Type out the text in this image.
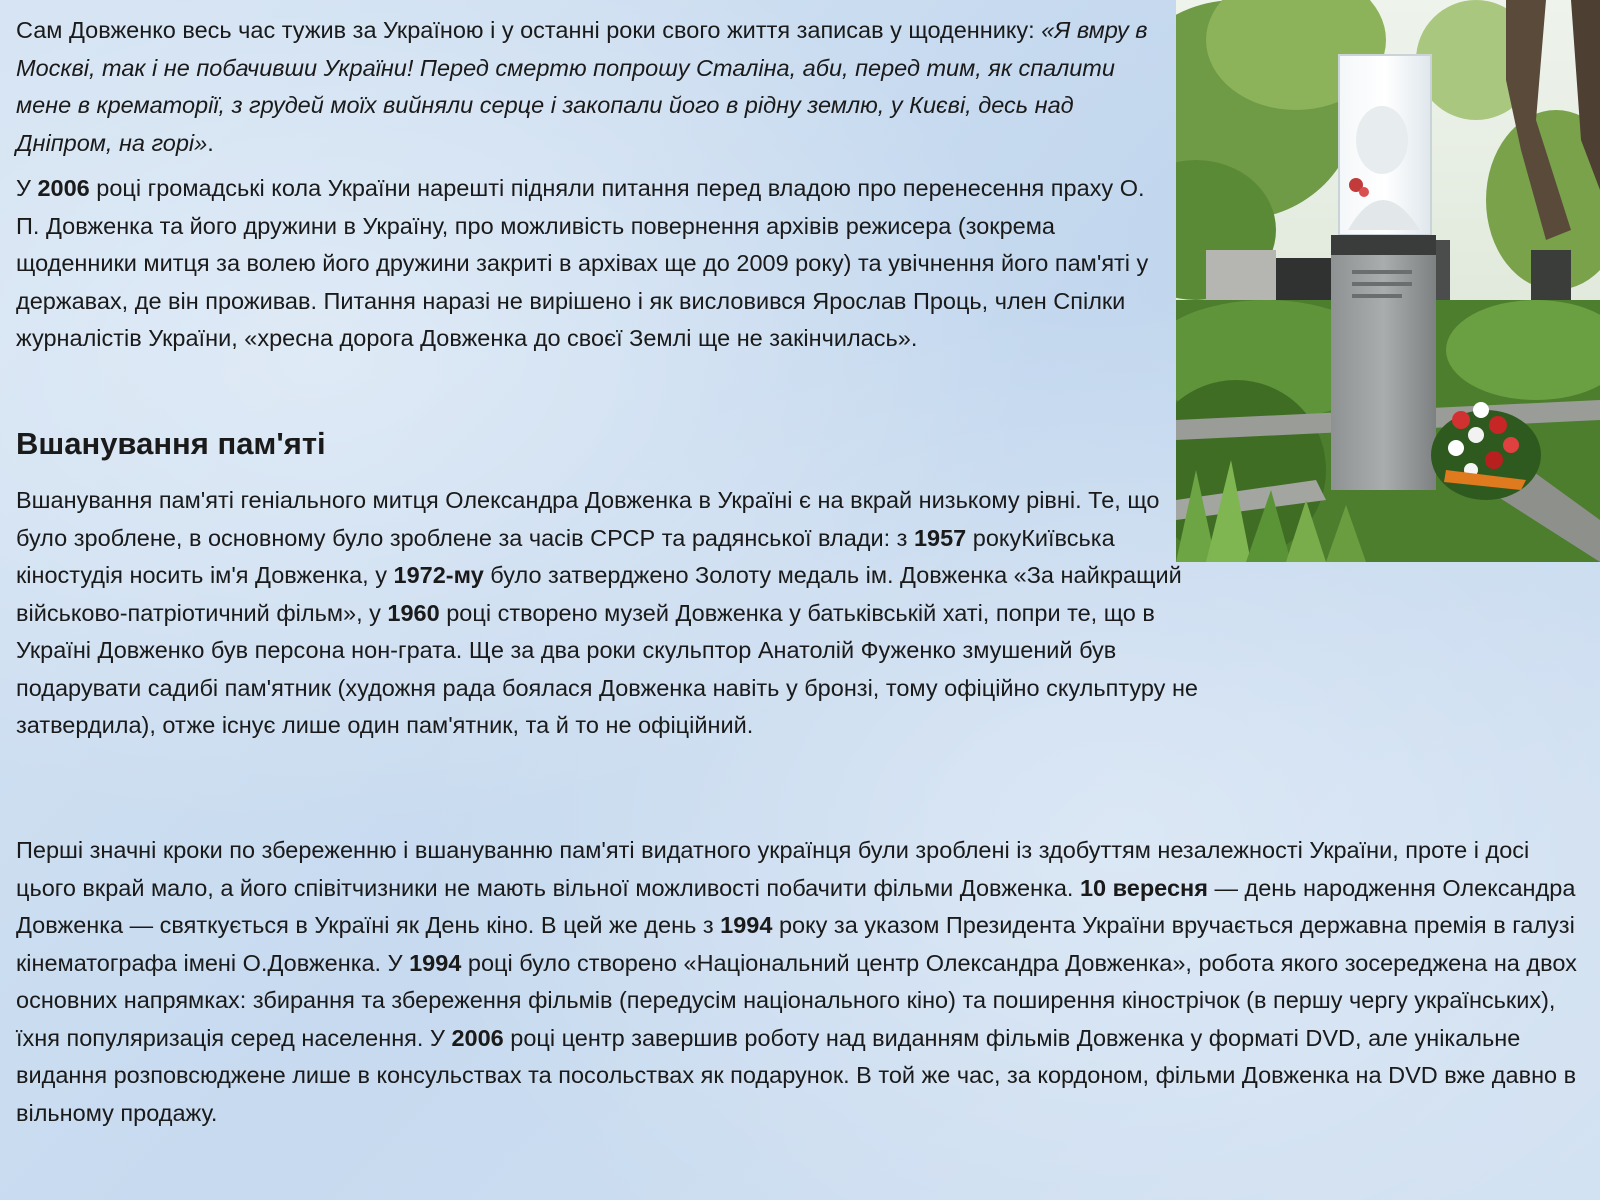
Сам Довженко весь час тужив за Україною і у останні роки свого життя записав у щоденнику: «Я вмру в Москві, так і не побачивши України! Перед смертю попрошу Сталіна, аби, перед тим, як спалити мене в крематорії, з грудей моїх вийняли серце і закопали його в рідну землю, у Києві, десь над Дніпром, на горі».

У 2006 році громадські кола України нарешті підняли питання перед владою про перенесення праху О. П. Довженка та його дружини в Україну, про можливість повернення архівів режисера (зокрема щоденники митця за волею його дружини закриті в архівах ще до 2009 року) та увічнення його пам'яті у державах, де він проживав. Питання наразі не вирішено і як висловився Ярослав Проць, член Спілки журналістів України, «хресна дорога Довженка до своєї Землі ще не закінчилась».

Вшанування пам'яті

Вшанування пам'яті геніального митця Олександра Довженка в Україні є на вкрай низькому рівні. Те, що було зроблене, в основному було зроблене за часів СРСР та радянської влади: з 1957 рокуКиївська кіностудія носить ім'я Довженка, у 1972-му було затверджено Золоту медаль ім. Довженка «За найкращий військово-патріотичний фільм», у 1960 році створено музей Довженка у батьківській хаті, попри те, що в Україні Довженко був персона нон-грата. Ще за два роки скульптор Анатолій Фуженко змушений був подарувати садибі пам'ятник (художня рада боялася Довженка навіть у бронзі, тому офіційно скульптуру не затвердила), отже існує лише один пам'ятник, та й то не офіційний.

Перші значні кроки по збереженню і вшануванню пам'яті видатного українця були зроблені із здобуттям незалежності України, проте і досі цього вкрай мало, а його співітчизники не мають вільної можливості побачити фільми Довженка. 10 вересня — день народження Олександра Довженка — святкується в Україні як День кіно. В цей же день з 1994 року за указом Президента України вручається державна премія в галузі кінематографа імені О.Довженка. У 1994 році було створено «Національний центр Олександра Довженка», робота якого зосереджена на двох основних напрямках: збирання та збереження фільмів (передусім національного кіно) та поширення кінострічок (в першу чергу українських), їхня популяризація серед населення. У 2006 році центр завершив роботу над виданням фільмів Довженка у форматі DVD, але унікальне видання розповсюджене лише в консульствах та посольствах як подарунок. В той же час, за кордоном, фільми Довженка на DVD вже давно в вільному продажу.
